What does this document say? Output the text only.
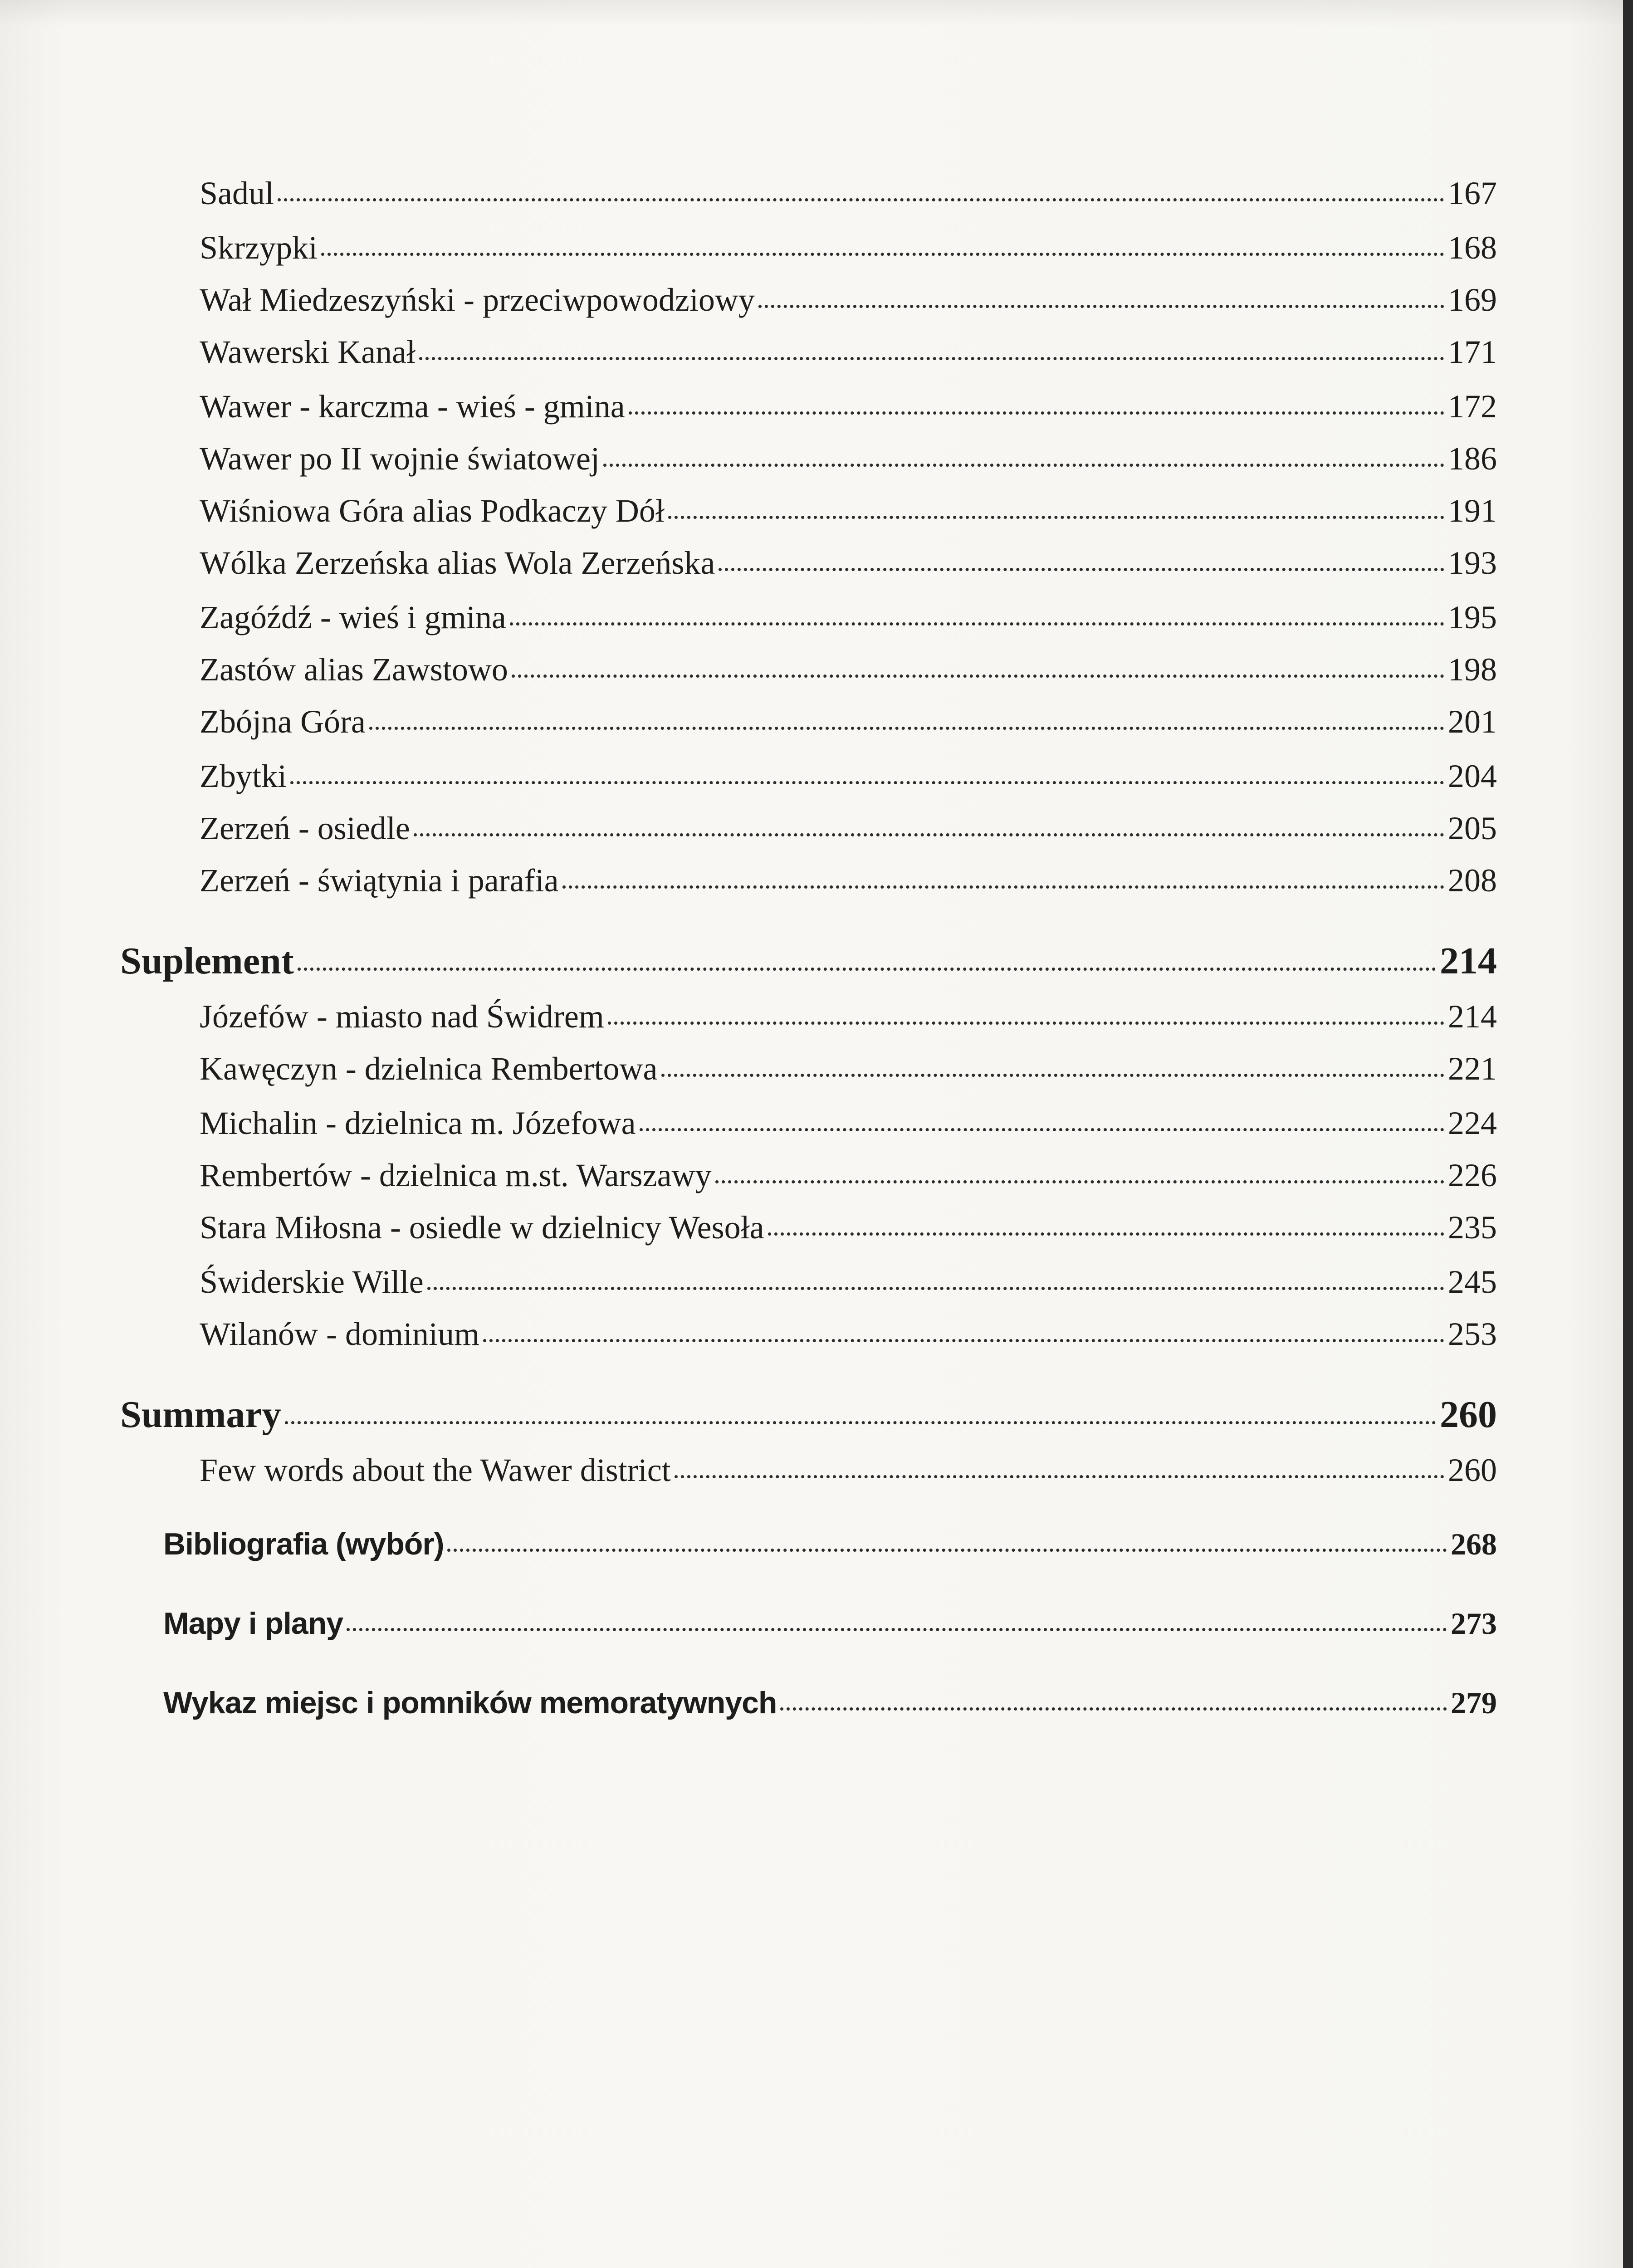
Sadul	167
Skrzypki	168
Wał Miedzeszyński - przeciwpowodziowy	169
Wawerski Kanał	171
Wawer - karczma - wieś - gmina	172
Wawer po II wojnie światowej	186
Wiśniowa Góra alias Podkaczy Dół	191
Wólka Zerzeńska alias Wola Zerzeńska	193
Zagóźdź - wieś i gmina	195
Zastów alias Zawstowo	198
Zbójna Góra	201
Zbytki	204
Zerzeń - osiedle	205
Zerzeń - świątynia i parafia	208
Suplement	214
Józefów - miasto nad Świdrem	214
Kawęczyn - dzielnica Rembertowa	221
Michalin - dzielnica m. Józefowa	224
Rembertów - dzielnica m.st. Warszawy	226
Stara Miłosna - osiedle w dzielnicy Wesoła	235
Świderskie Wille	245
Wilanów - dominium	253
Summary	260
Few words about the Wawer district	260
Bibliografia (wybór)	268
Mapy i plany	273
Wykaz miejsc i pomników memoratywnych	279
